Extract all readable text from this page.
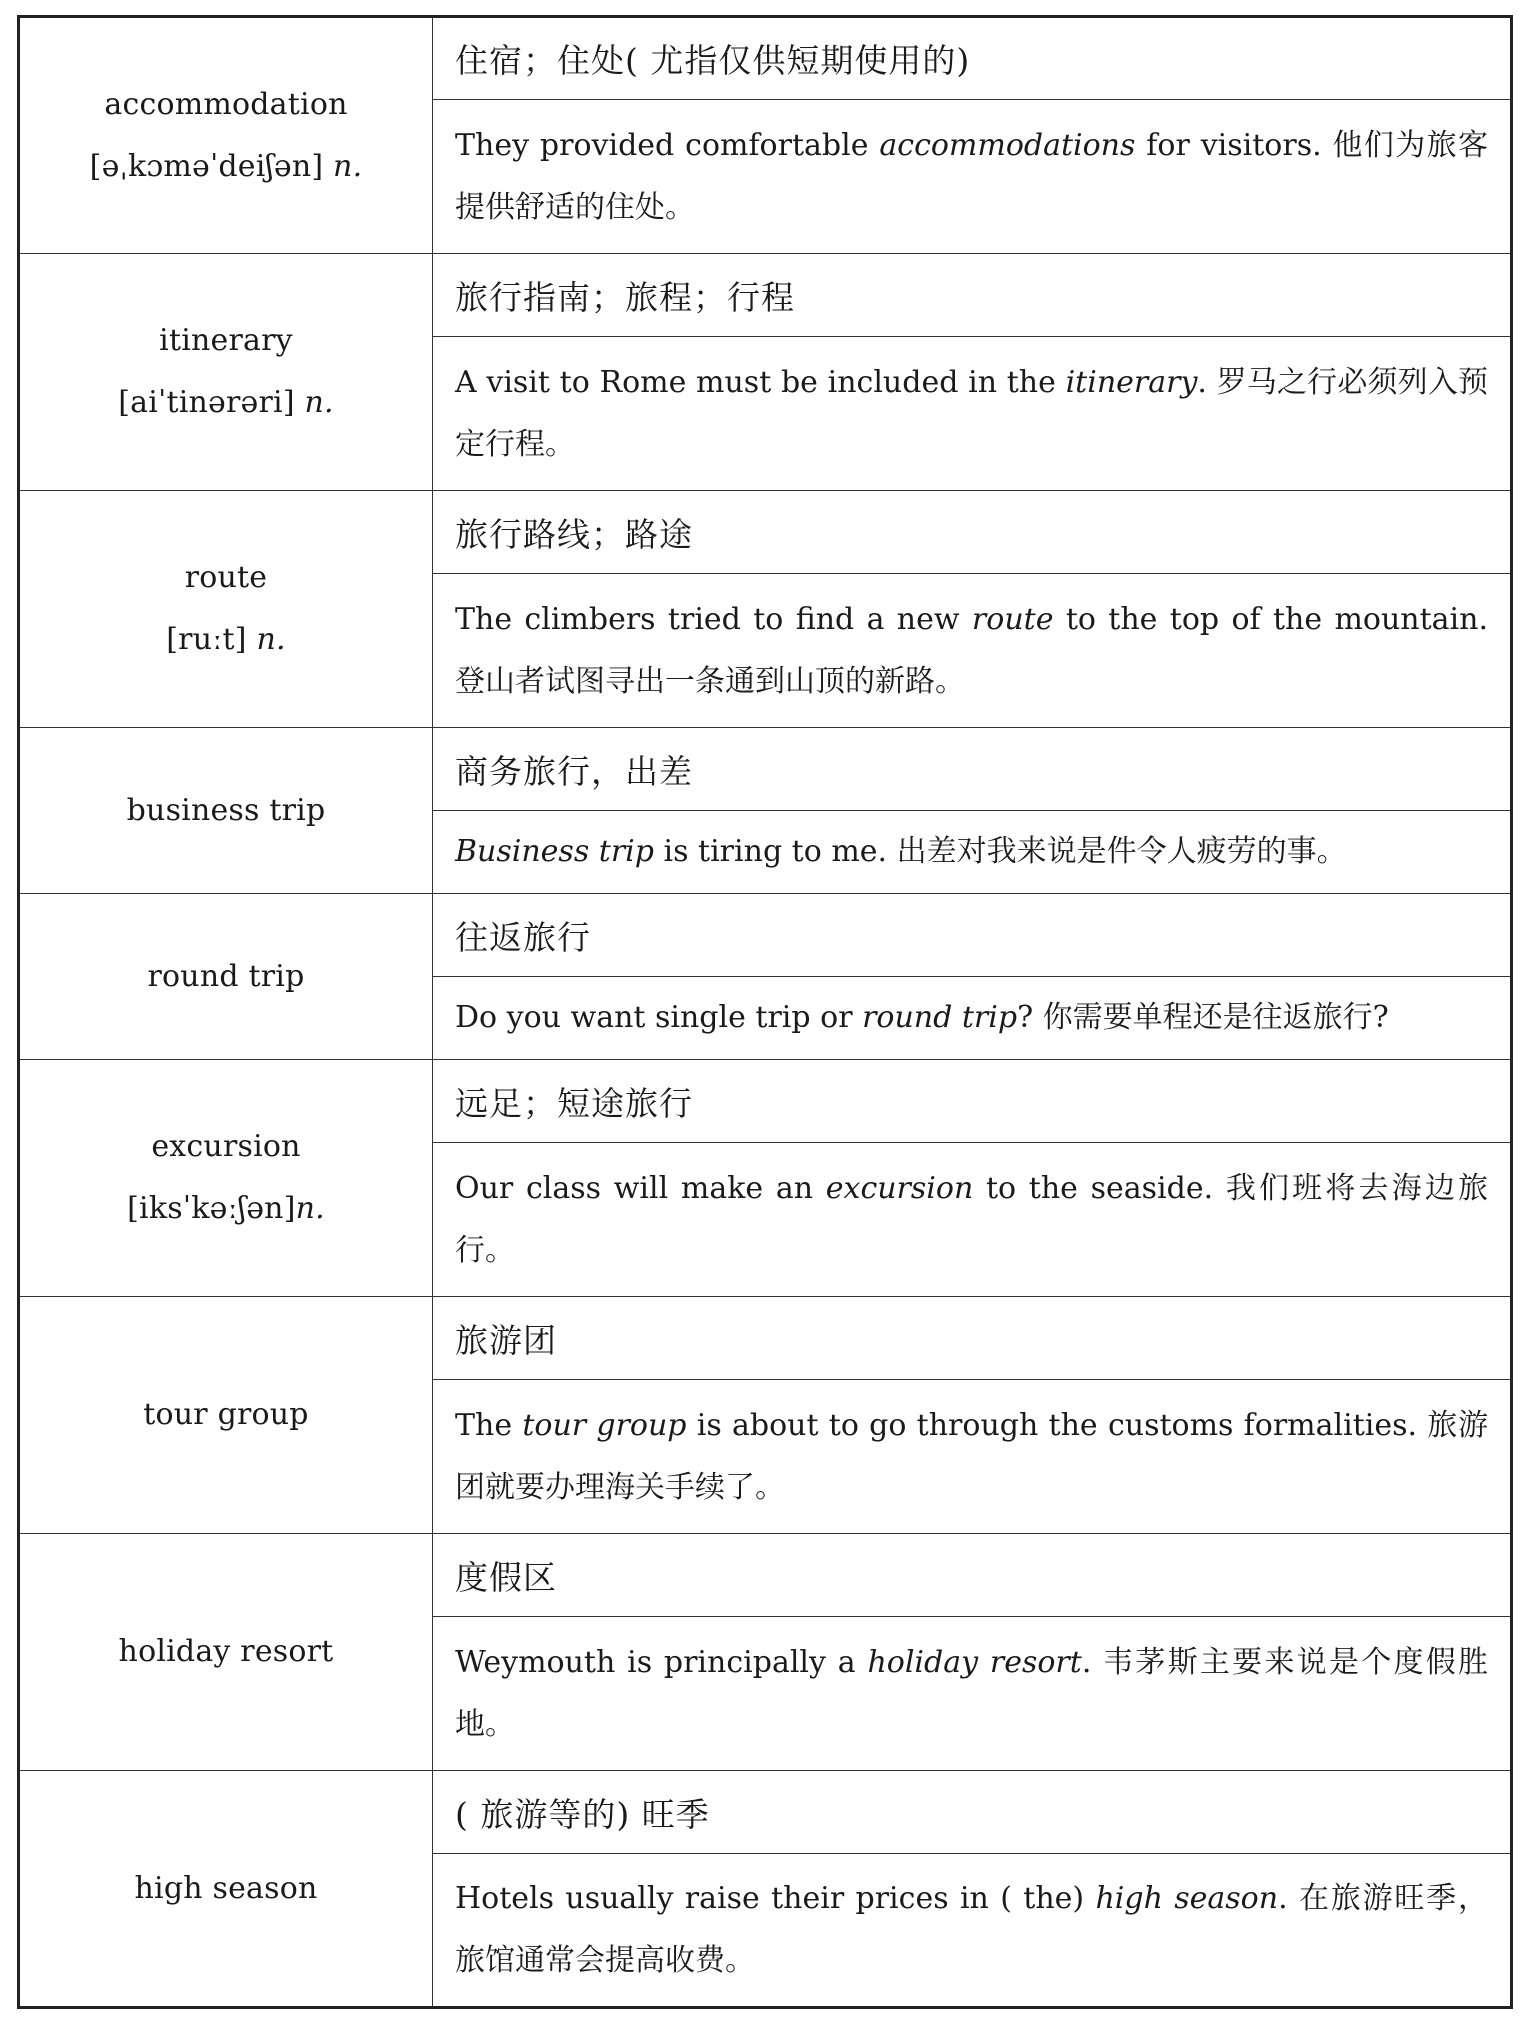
accommodation
[əˌkɔməˈdeiʃən] n.	住宿；住处( 尤指仅供短期使用的)
	They provided comfortable accommodations for visitors. 他们为旅客提供舒适的住处。

itinerary
[aiˈtinərəri] n.	旅行指南；旅程；行程
	A visit to Rome must be included in the itinerary. 罗马之行必须列入预定行程。

route
[ruːt] n.	旅行路线；路途
	The climbers tried to find a new route to the top of the mountain. 登山者试图寻出一条通到山顶的新路。

business trip	商务旅行，出差
	Business trip is tiring to me. 出差对我来说是件令人疲劳的事。

round trip	往返旅行
	Do you want single trip or round trip? 你需要单程还是往返旅行?

excursion
[iksˈkəːʃən]n.	远足；短途旅行
	Our class will make an excursion to the seaside. 我们班将去海边旅行。

tour group	旅游团
	The tour group is about to go through the customs formalities. 旅游团就要办理海关手续了。

holiday resort	度假区
	Weymouth is principally a holiday resort. 韦茅斯主要来说是个度假胜地。

high season	( 旅游等的) 旺季
	Hotels usually raise their prices in ( the) high season. 在旅游旺季，旅馆通常会提高收费。
